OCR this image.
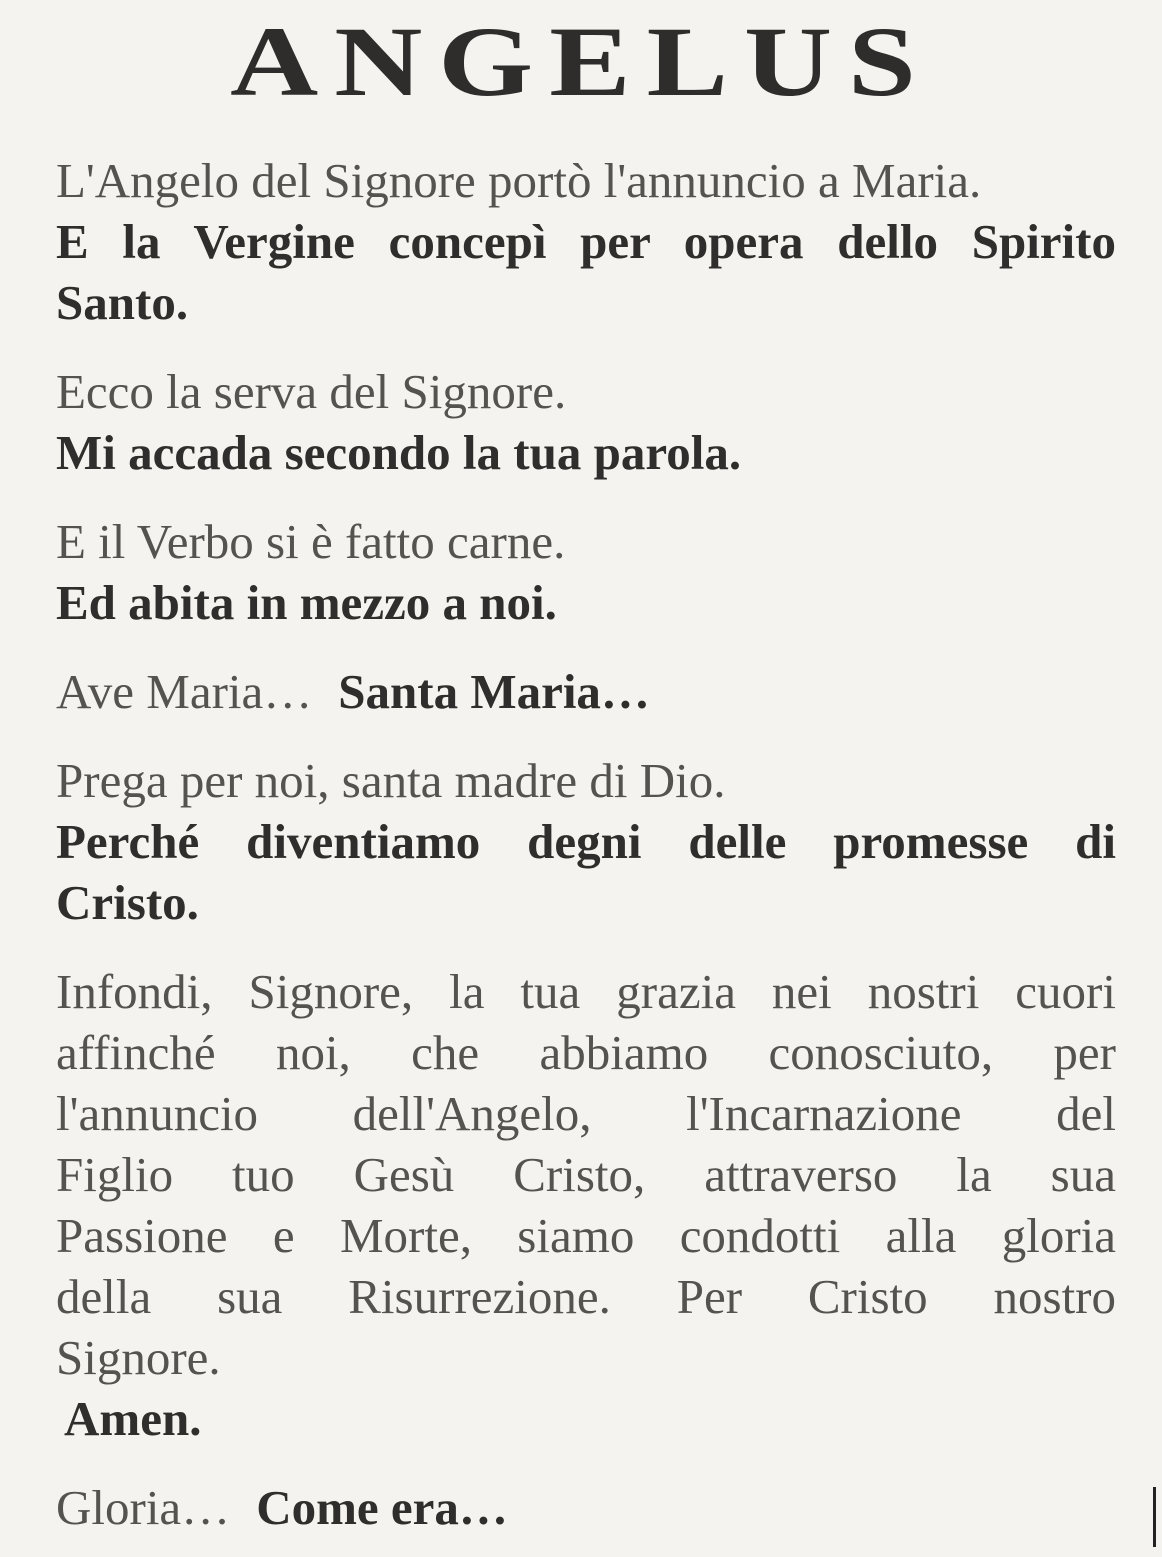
ANGELUS
L'Angelo del Signore portò l'annuncio a Maria.
E la Vergine concepì per opera dello Spirito
Santo.
Ecco la serva del Signore.
Mi accada secondo la tua parola.
E il Verbo si è fatto carne.
Ed abita in mezzo a noi.
Ave Maria… Santa Maria…
Prega per noi, santa madre di Dio.
Perché diventiamo degni delle promesse di
Cristo.
Infondi, Signore, la tua grazia nei nostri cuori
affinché noi, che abbiamo conosciuto, per
l'annuncio dell'Angelo, l'Incarnazione del
Figlio tuo Gesù Cristo, attraverso la sua
Passione e Morte, siamo condotti alla gloria
della sua Risurrezione. Per Cristo nostro
Signore.
Amen.
Gloria… Come era…
